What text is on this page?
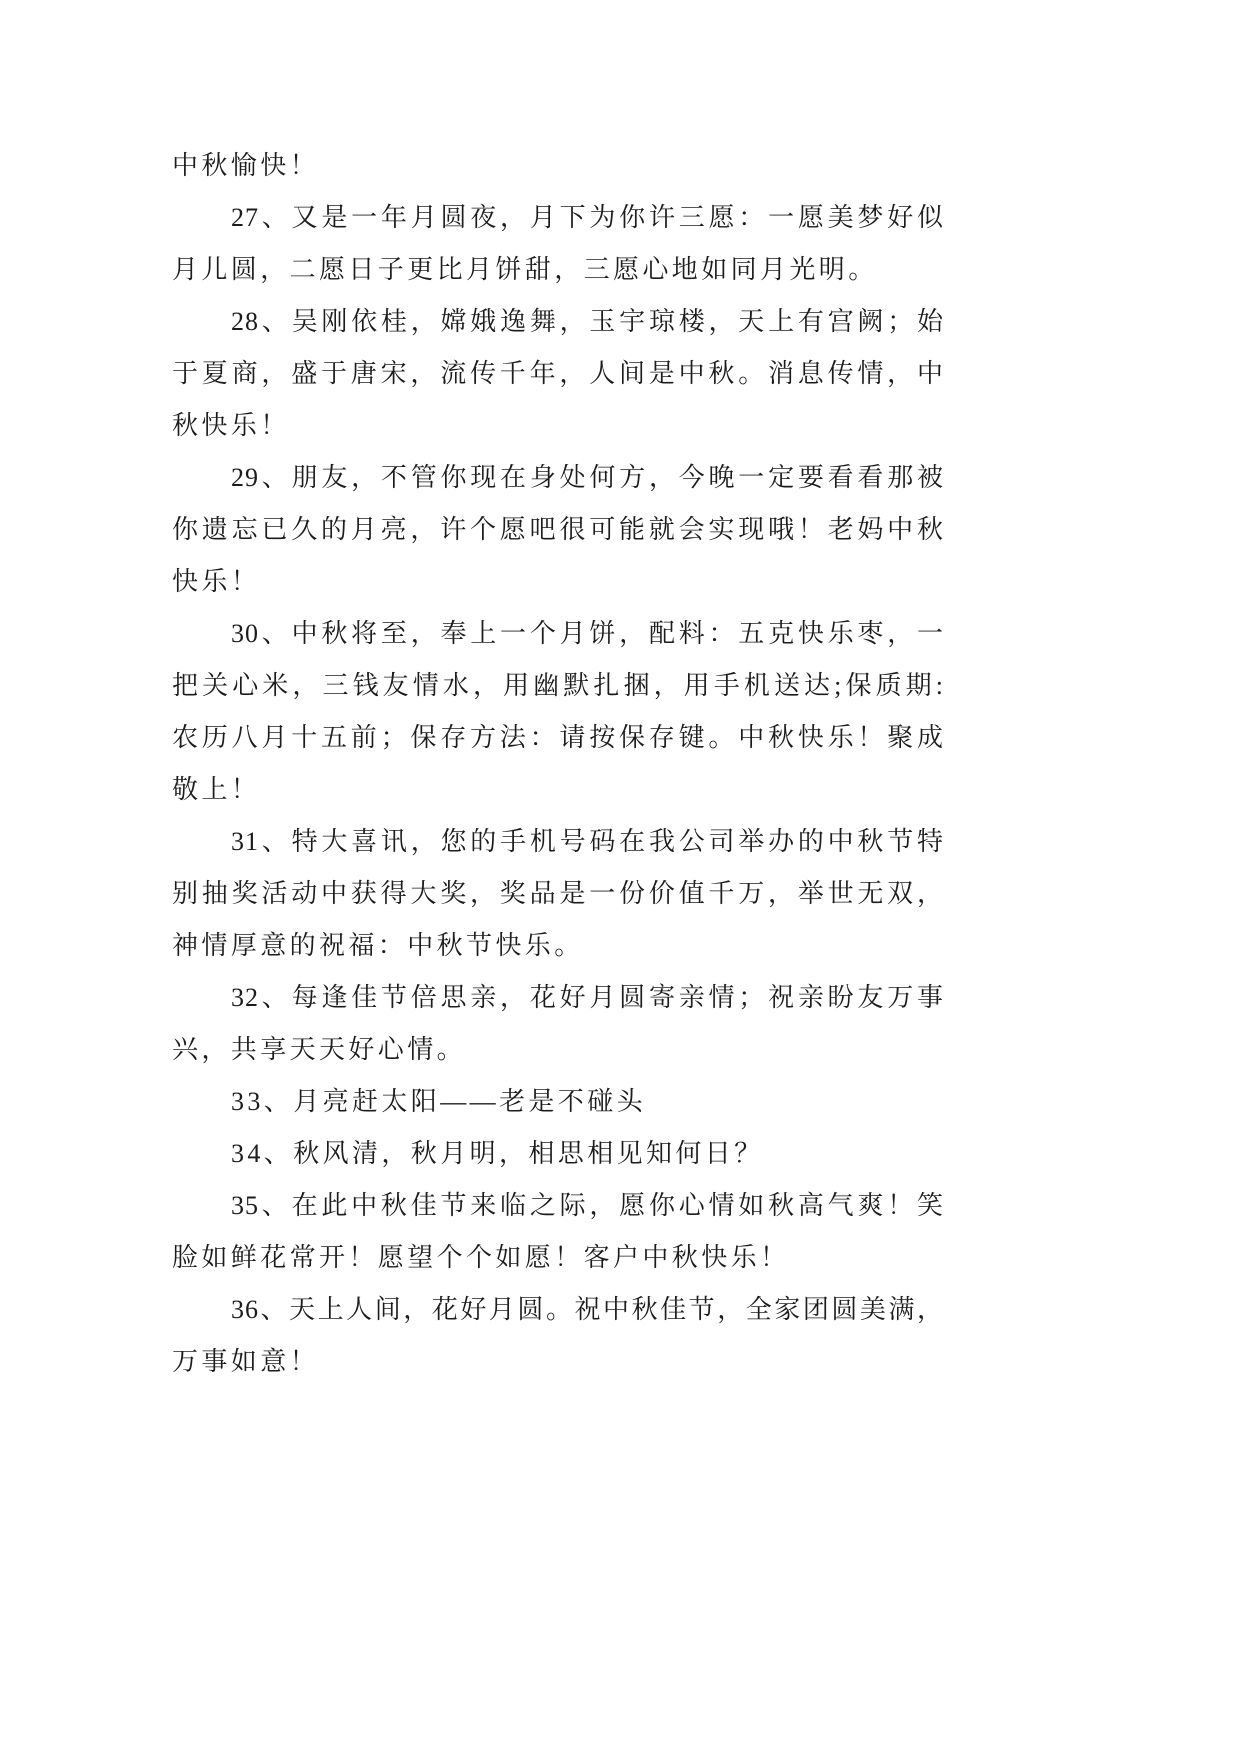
中秋愉快！
27、又是一年月圆夜，月下为你许三愿：一愿美梦好似
月儿圆，二愿日子更比月饼甜，三愿心地如同月光明。
28、吴刚依桂，嫦娥逸舞，玉宇琼楼，天上有宫阙；始
于夏商，盛于唐宋，流传千年，人间是中秋。消息传情，中
秋快乐！
29、朋友，不管你现在身处何方，今晚一定要看看那被
你遗忘已久的月亮，许个愿吧很可能就会实现哦！老妈中秋
快乐！
30、中秋将至，奉上一个月饼，配料：五克快乐枣，一
把关心米，三钱友情水，用幽默扎捆，用手机送达;保质期:
农历八月十五前；保存方法：请按保存键。中秋快乐！聚成
敬上！
31、特大喜讯，您的手机号码在我公司举办的中秋节特
别抽奖活动中获得大奖，奖品是一份价值千万，举世无双，
神情厚意的祝福：中秋节快乐。
32、每逢佳节倍思亲，花好月圆寄亲情；祝亲盼友万事
兴，共享天天好心情。
33、月亮赶太阳——老是不碰头
34、秋风清，秋月明，相思相见知何日？
35、在此中秋佳节来临之际，愿你心情如秋高气爽！笑
脸如鲜花常开！愿望个个如愿！客户中秋快乐！
36、天上人间，花好月圆。祝中秋佳节，全家团圆美满，
万事如意！
